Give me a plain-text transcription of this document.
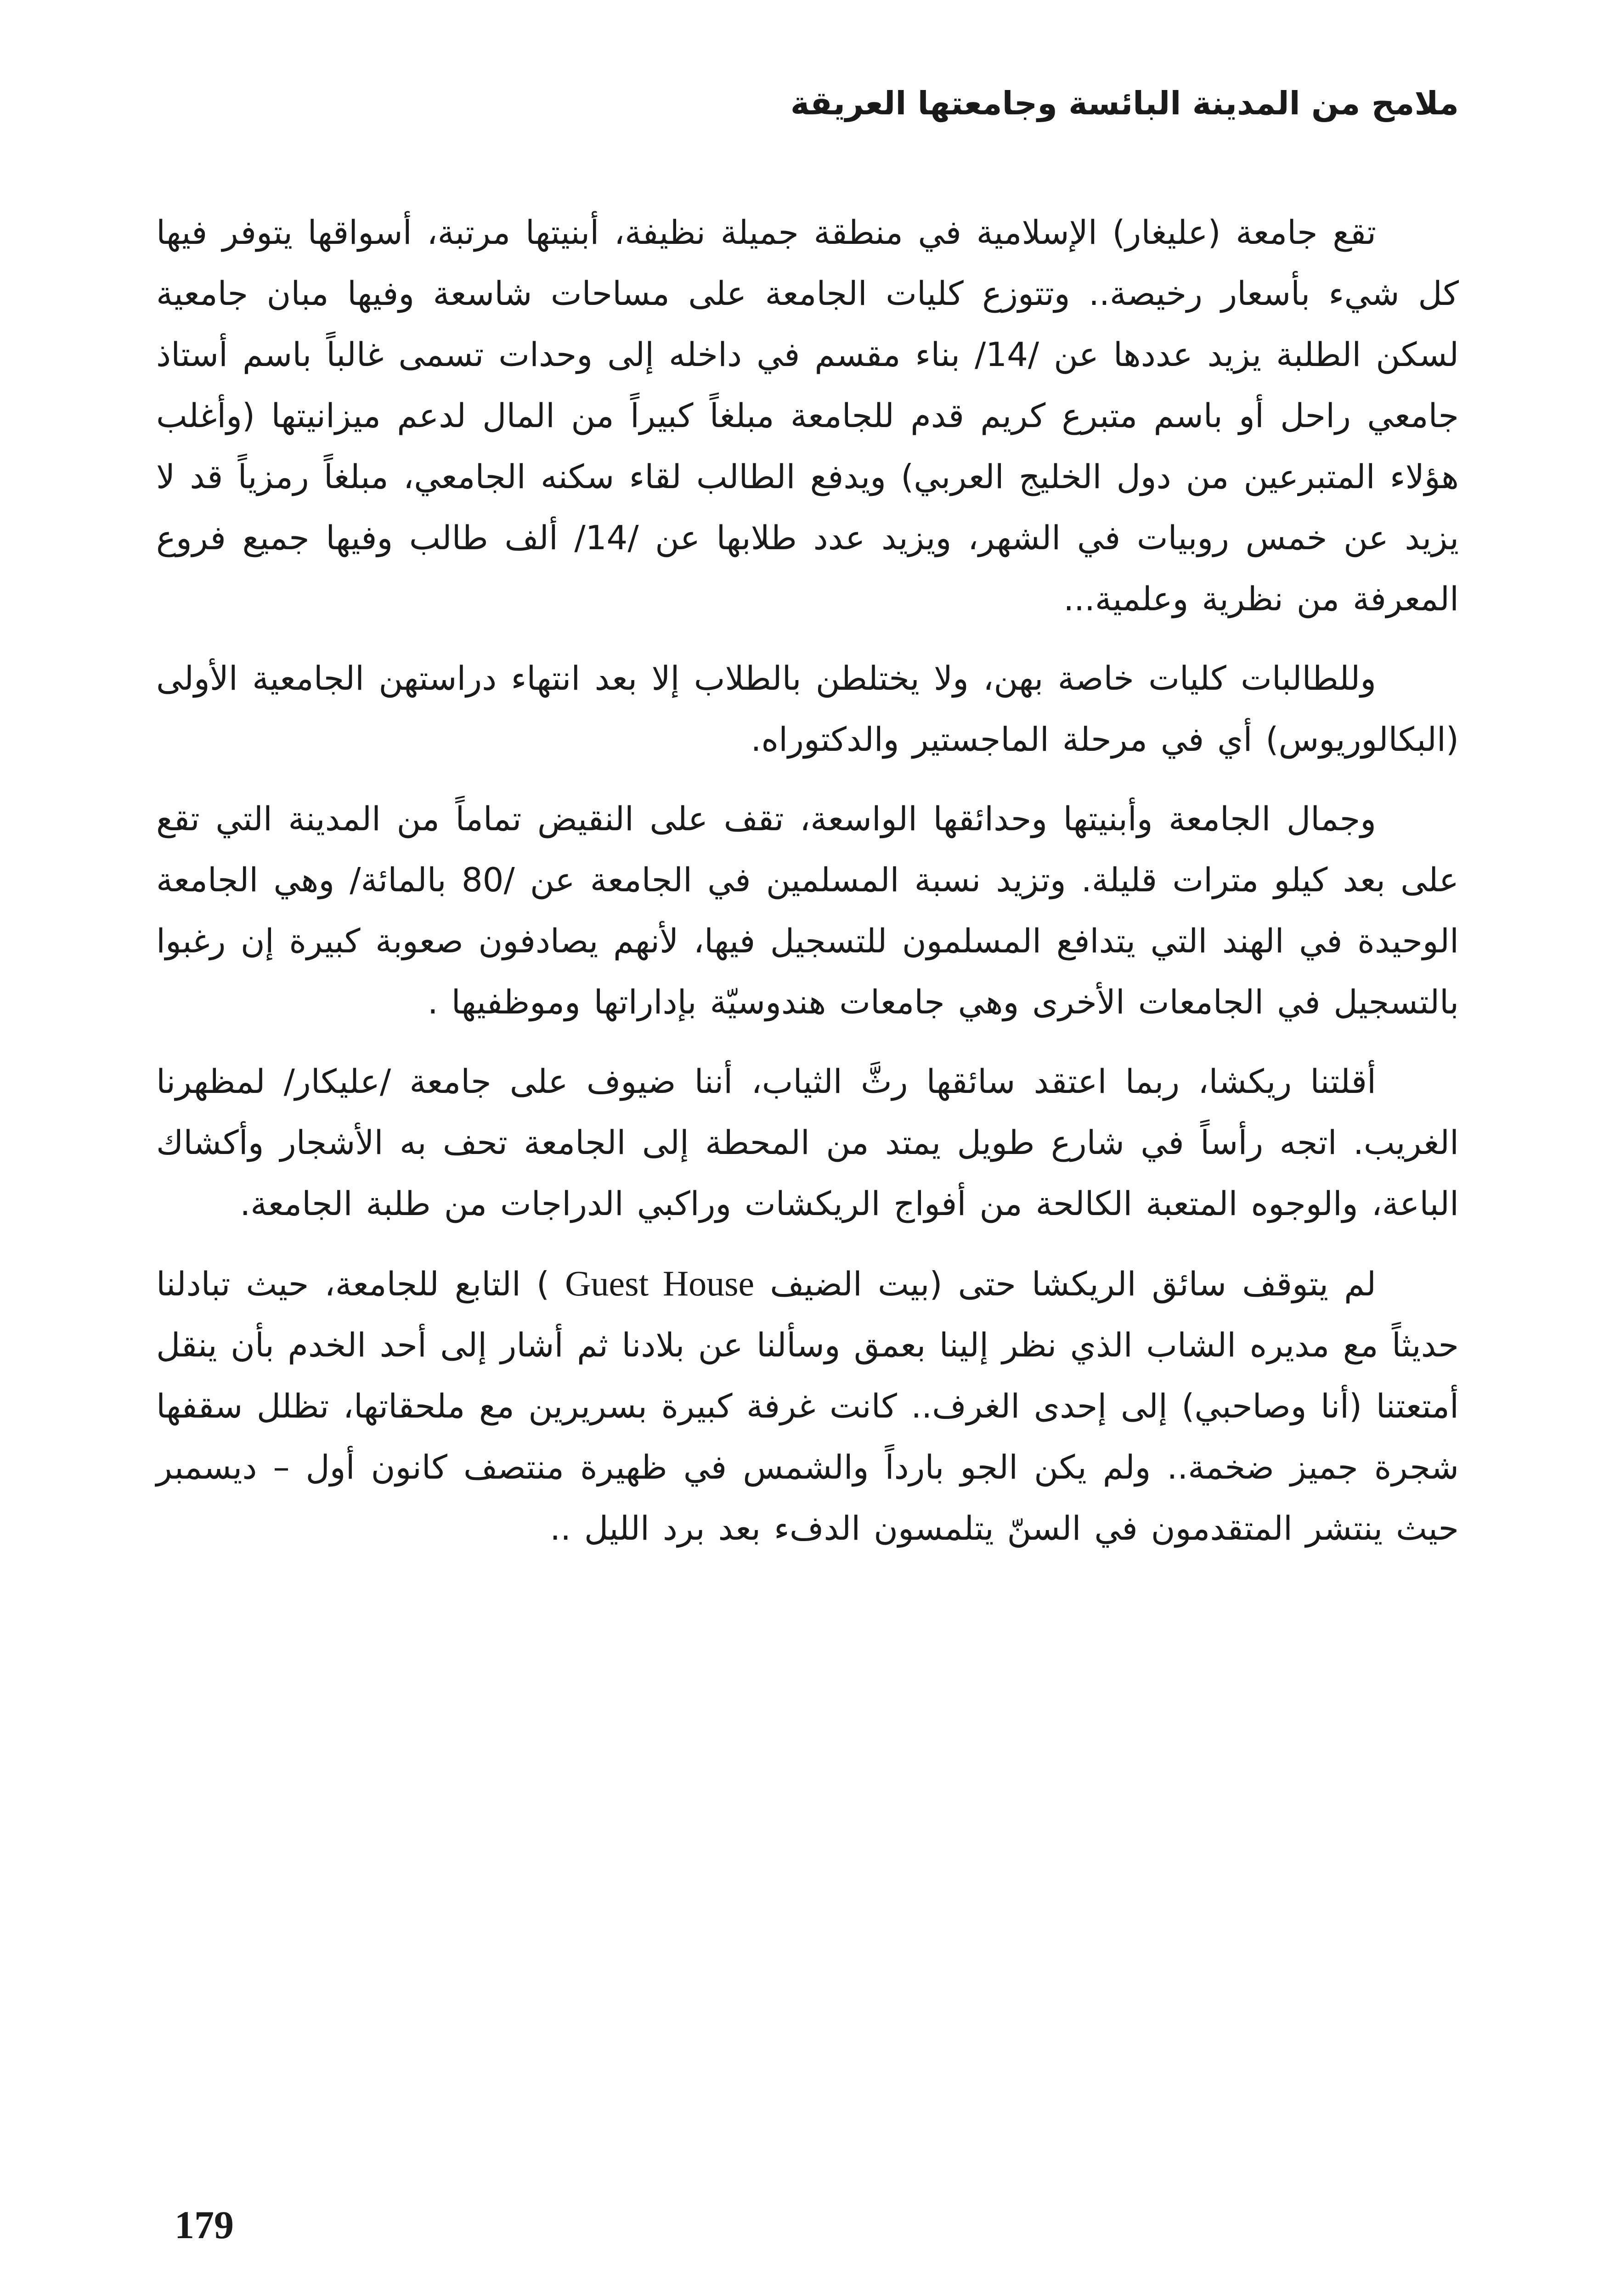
ملامح من المدينة البائسة وجامعتها العريقة

تقع جامعة (عليغار) الإسلامية في منطقة جميلة نظيفة، أبنيتها مرتبة، أسواقها يتوفر فيها كل شيء بأسعار رخيصة.. وتتوزع كليات الجامعة على مساحات شاسعة وفيها مبان جامعية لسكن الطلبة يزيد عددها عن /14/ بناء مقسم في داخله إلى وحدات تسمى غالباً باسم أستاذ جامعي راحل أو باسم متبرع كريم قدم للجامعة مبلغاً كبيراً من المال لدعم ميزانيتها (وأغلب هؤلاء المتبرعين من دول الخليج العربي) ويدفع الطالب لقاء سكنه الجامعي، مبلغاً رمزياً قد لا يزيد عن خمس روبيات في الشهر، ويزيد عدد طلابها عن /14/ ألف طالب وفيها جميع فروع المعرفة من نظرية وعلمية...

وللطالبات كليات خاصة بهن، ولا يختلطن بالطلاب إلا بعد انتهاء دراستهن الجامعية الأولى (البكالوريوس) أي في مرحلة الماجستير والدكتوراه.

وجمال الجامعة وأبنيتها وحدائقها الواسعة، تقف على النقيض تماماً من المدينة التي تقع على بعد كيلو مترات قليلة. وتزيد نسبة المسلمين في الجامعة عن /80 بالمائة/ وهي الجامعة الوحيدة في الهند التي يتدافع المسلمون للتسجيل فيها، لأنهم يصادفون صعوبة كبيرة إن رغبوا بالتسجيل في الجامعات الأخرى وهي جامعات هندوسيّة بإداراتها وموظفيها .

أقلتنا ريكشا، ربما اعتقد سائقها رثَّ الثياب، أننا ضيوف على جامعة /عليكار/ لمظهرنا الغريب. اتجه رأساً في شارع طويل يمتد من المحطة إلى الجامعة تحف به الأشجار وأكشاك الباعة، والوجوه المتعبة الكالحة من أفواج الريكشات وراكبي الدراجات من طلبة الجامعة.

لم يتوقف سائق الريكشا حتى (بيت الضيف Guest House ) التابع للجامعة، حيث تبادلنا حديثاً مع مديره الشاب الذي نظر إلينا بعمق وسألنا عن بلادنا ثم أشار إلى أحد الخدم بأن ينقل أمتعتنا (أنا وصاحبي) إلى إحدى الغرف.. كانت غرفة كبيرة بسريرين مع ملحقاتها، تظلل سقفها شجرة جميز ضخمة.. ولم يكن الجو بارداً والشمس في ظهيرة منتصف كانون أول – ديسمبر حيث ينتشر المتقدمون في السنّ يتلمسون الدفء بعد برد الليل ..

179
